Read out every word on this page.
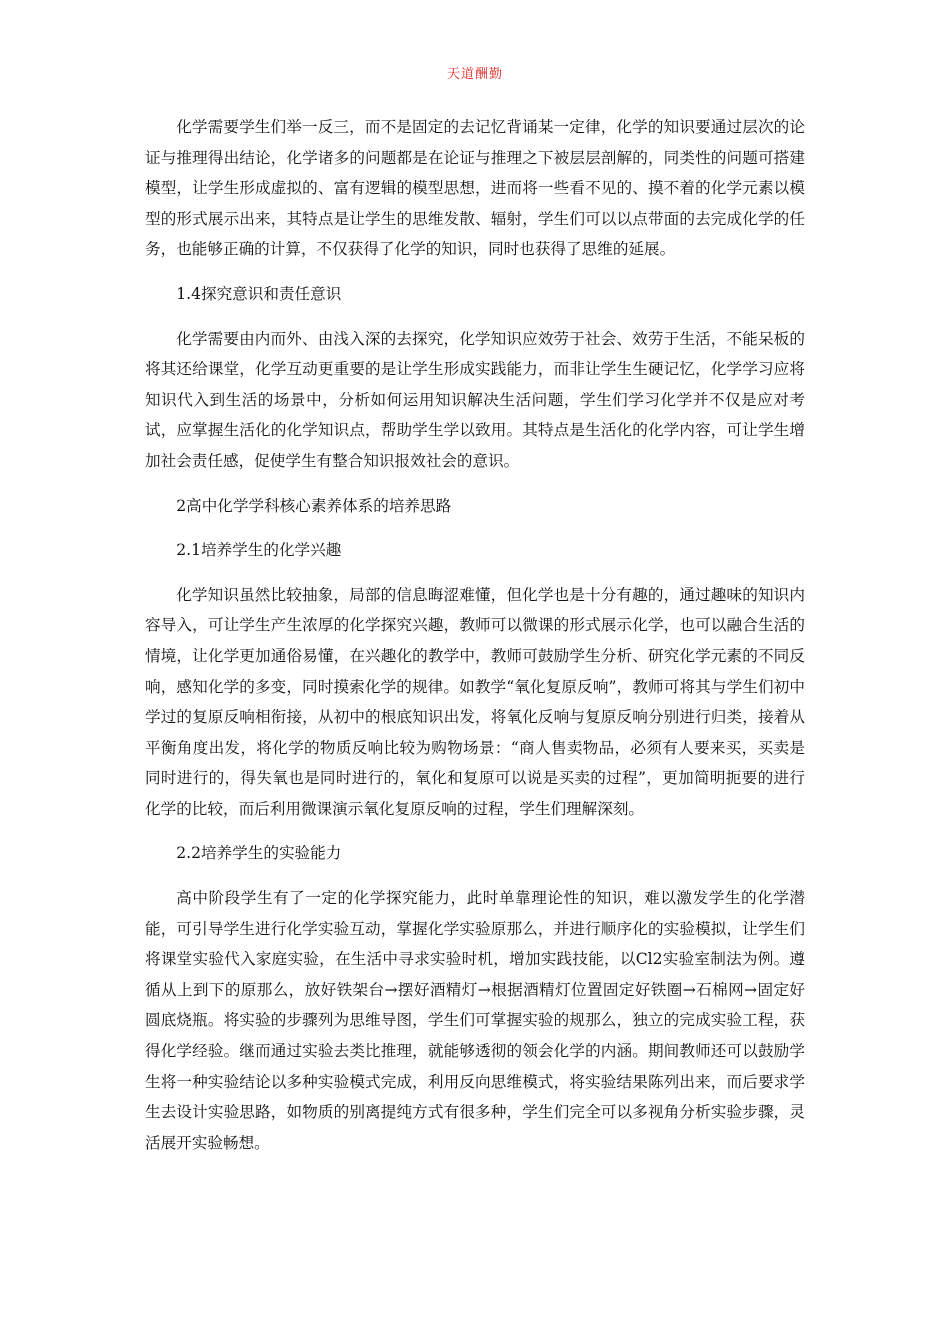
天道酬勤

化学需要学生们举一反三，而不是固定的去记忆背诵某一定律，化学的知识要通过层次的论证与推理得出结论，化学诸多的问题都是在论证与推理之下被层层剖解的，同类性的问题可搭建模型，让学生形成虚拟的、富有逻辑的模型思想，进而将一些看不见的、摸不着的化学元素以模型的形式展示出来，其特点是让学生的思维发散、辐射，学生们可以以点带面的去完成化学的任务，也能够正确的计算，不仅获得了化学的知识，同时也获得了思维的延展。

1.4探究意识和责任意识

化学需要由内而外、由浅入深的去探究，化学知识应效劳于社会、效劳于生活，不能呆板的将其还给课堂，化学互动更重要的是让学生形成实践能力，而非让学生生硬记忆，化学学习应将知识代入到生活的场景中，分析如何运用知识解决生活问题，学生们学习化学并不仅是应对考试，应掌握生活化的化学知识点，帮助学生学以致用。其特点是生活化的化学内容，可让学生增加社会责任感，促使学生有整合知识报效社会的意识。

2高中化学学科核心素养体系的培养思路

2.1培养学生的化学兴趣

化学知识虽然比较抽象，局部的信息晦涩难懂，但化学也是十分有趣的，通过趣味的知识内容导入，可让学生产生浓厚的化学探究兴趣，教师可以微课的形式展示化学，也可以融合生活的情境，让化学更加通俗易懂，在兴趣化的教学中，教师可鼓励学生分析、研究化学元素的不同反响，感知化学的多变，同时摸索化学的规律。如教学“氧化复原反响”，教师可将其与学生们初中学过的复原反响相衔接，从初中的根底知识出发，将氧化反响与复原反响分别进行归类，接着从平衡角度出发，将化学的物质反响比较为购物场景：“商人售卖物品，必须有人要来买，买卖是同时进行的，得失氧也是同时进行的，氧化和复原可以说是买卖的过程”，更加简明扼要的进行化学的比较，而后利用微课演示氧化复原反响的过程，学生们理解深刻。

2.2培养学生的实验能力

高中阶段学生有了一定的化学探究能力，此时单靠理论性的知识，难以激发学生的化学潜能，可引导学生进行化学实验互动，掌握化学实验原那么，并进行顺序化的实验模拟，让学生们将课堂实验代入家庭实验，在生活中寻求实验时机，增加实践技能，以Cl2实验室制法为例。遵循从上到下的原那么，放好铁架台→摆好酒精灯→根据酒精灯位置固定好铁圈→石棉网→固定好圆底烧瓶。将实验的步骤列为思维导图，学生们可掌握实验的规那么，独立的完成实验工程，获得化学经验。继而通过实验去类比推理，就能够透彻的领会化学的内涵。期间教师还可以鼓励学生将一种实验结论以多种实验模式完成，利用反向思维模式，将实验结果陈列出来，而后要求学生去设计实验思路，如物质的别离提纯方式有很多种，学生们完全可以多视角分析实验步骤，灵活展开实验畅想。
